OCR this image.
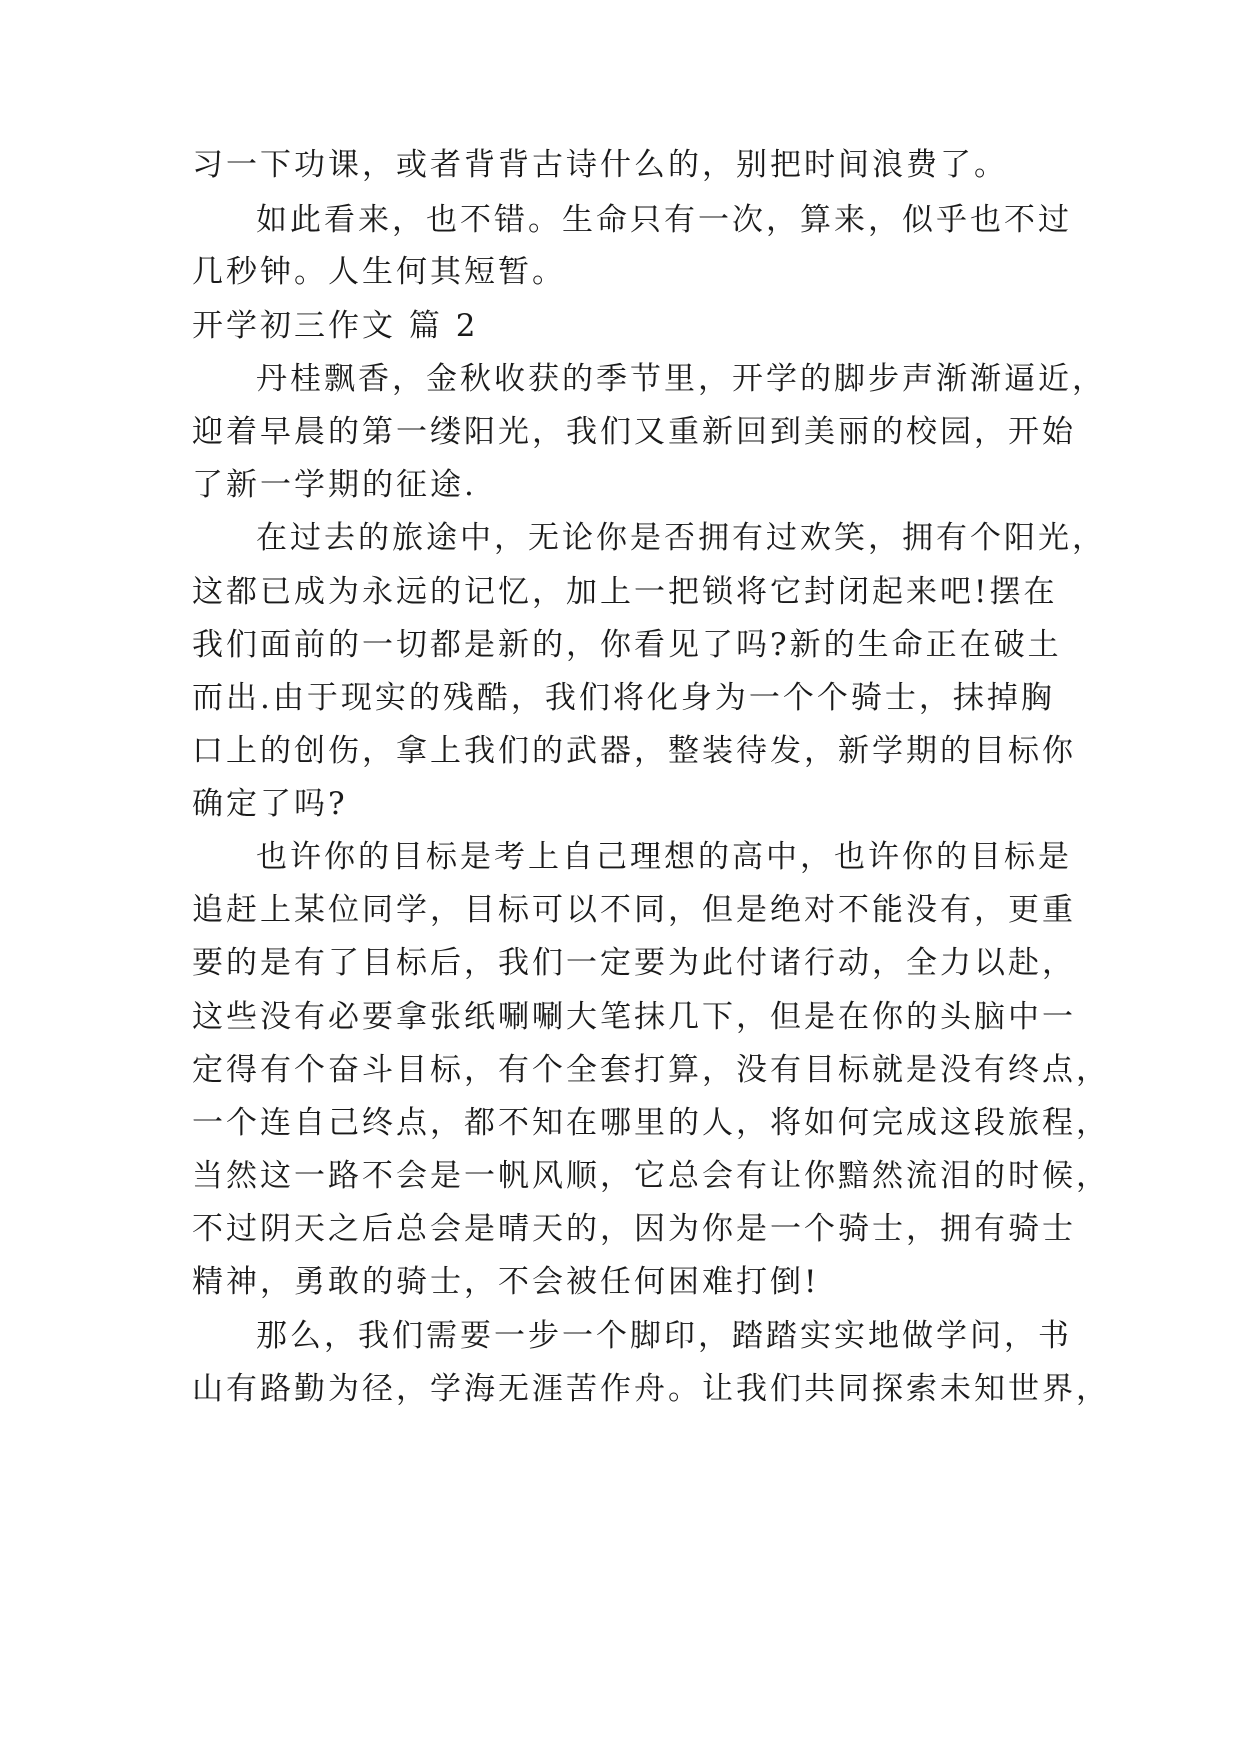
习一下功课，或者背背古诗什么的，别把时间浪费了。
如此看来，也不错。生命只有一次，算来，似乎也不过
几秒钟。人生何其短暂。
开学初三作文 篇 2
丹桂飘香，金秋收获的季节里，开学的脚步声渐渐逼近，
迎着早晨的第一缕阳光，我们又重新回到美丽的校园，开始
了新一学期的征途.
在过去的旅途中，无论你是否拥有过欢笑，拥有个阳光，
这都已成为永远的记忆，加上一把锁将它封闭起来吧!摆在
我们面前的一切都是新的，你看见了吗?新的生命正在破土
而出.由于现实的残酷，我们将化身为一个个骑士，抹掉胸
口上的创伤，拿上我们的武器，整装待发，新学期的目标你
确定了吗?
也许你的目标是考上自己理想的高中，也许你的目标是
追赶上某位同学，目标可以不同，但是绝对不能没有，更重
要的是有了目标后，我们一定要为此付诸行动，全力以赴，
这些没有必要拿张纸唰唰大笔抹几下，但是在你的头脑中一
定得有个奋斗目标，有个全套打算，没有目标就是没有终点，
一个连自己终点，都不知在哪里的人，将如何完成这段旅程，
当然这一路不会是一帆风顺，它总会有让你黯然流泪的时候，
不过阴天之后总会是晴天的，因为你是一个骑士，拥有骑士
精神，勇敢的骑士，不会被任何困难打倒!
那么，我们需要一步一个脚印，踏踏实实地做学问，书
山有路勤为径，学海无涯苦作舟。让我们共同探索未知世界，
